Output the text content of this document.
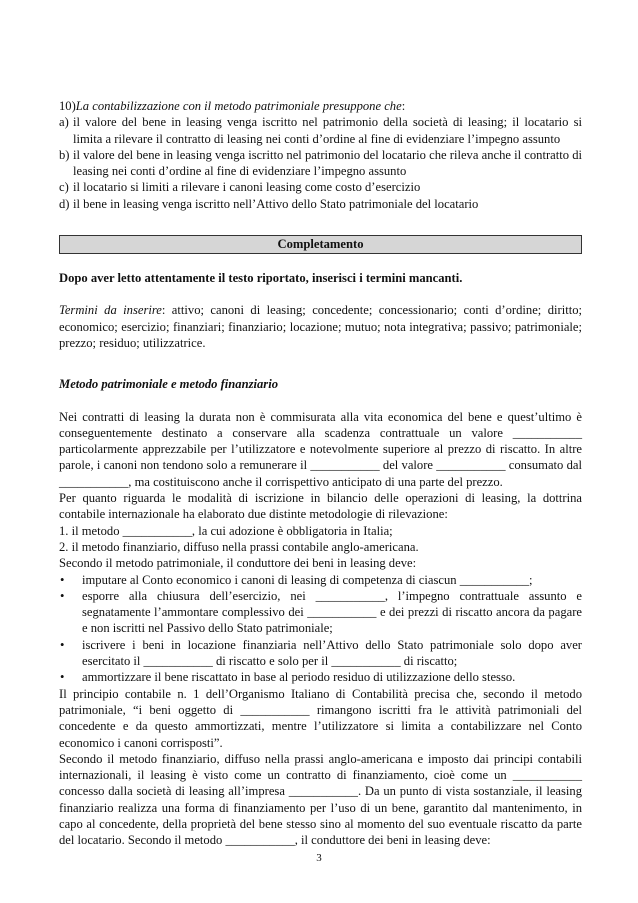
10)La contabilizzazione con il metodo patrimoniale presuppone che:

a) il valore del bene in leasing venga iscritto nel patrimonio della società di leasing; il locatario si limita a rilevare il contratto di leasing nei conti d’ordine al fine di evidenziare l’impegno assunto

b) il valore del bene in leasing venga iscritto nel patrimonio del locatario che rileva anche il contratto di leasing nei conti d’ordine al fine di evidenziare l’impegno assunto

c) il locatario si limiti a rilevare i canoni leasing come costo d’esercizio

d) il bene in leasing venga iscritto nell’Attivo dello Stato patrimoniale del locatario

Completamento

Dopo aver letto attentamente il testo riportato, inserisci i termini mancanti.

Termini da inserire: attivo; canoni di leasing; concedente; concessionario; conti d’ordine; diritto; economico; esercizio; finanziari; finanziario; locazione; mutuo; nota integrativa; passivo; patrimoniale; prezzo; residuo; utilizzatrice.

Metodo patrimoniale e metodo finanziario

Nei contratti di leasing la durata non è commisurata alla vita economica del bene e quest’ultimo è conseguentemente destinato a conservare alla scadenza contrattuale un valore ___________ particolarmente apprezzabile per l’utilizzatore e notevolmente superiore al prezzo di riscatto. In altre parole, i canoni non tendono solo a remunerare il ___________ del valore ___________ consumato dal ___________, ma costituiscono anche il corrispettivo anticipato di una parte del prezzo.

Per quanto riguarda le modalità di iscrizione in bilancio delle operazioni di leasing, la dottrina contabile internazionale ha elaborato due distinte metodologie di rilevazione:

1. il metodo ___________, la cui adozione è obbligatoria in Italia;

2. il metodo finanziario, diffuso nella prassi contabile anglo-americana.

Secondo il metodo patrimoniale, il conduttore dei beni in leasing deve:

• imputare al Conto economico i canoni di leasing di competenza di ciascun ___________;

• esporre alla chiusura dell’esercizio, nei ___________, l’impegno contrattuale assunto e segnatamente l’ammontare complessivo dei ___________ e dei prezzi di riscatto ancora da pagare e non iscritti nel Passivo dello Stato patrimoniale;

• iscrivere i beni in locazione finanziaria nell’Attivo dello Stato patrimoniale solo dopo aver esercitato il ___________ di riscatto e solo per il ___________ di riscatto;

• ammortizzare il bene riscattato in base al periodo residuo di utilizzazione dello stesso.

Il principio contabile n. 1 dell’Organismo Italiano di Contabilità precisa che, secondo il metodo patrimoniale, “i beni oggetto di ___________ rimangono iscritti fra le attività patrimoniali del concedente e da questo ammortizzati, mentre l’utilizzatore si limita a contabilizzare nel Conto economico i canoni corrisposti”.

Secondo il metodo finanziario, diffuso nella prassi anglo-americana e imposto dai principi contabili internazionali, il leasing è visto come un contratto di finanziamento, cioè come un ___________ concesso dalla società di leasing all’impresa ___________. Da un punto di vista sostanziale, il leasing finanziario realizza una forma di finanziamento per l’uso di un bene, garantito dal mantenimento, in capo al concedente, della proprietà del bene stesso sino al momento del suo eventuale riscatto da parte del locatario. Secondo il metodo ___________, il conduttore dei beni in leasing deve:

3
